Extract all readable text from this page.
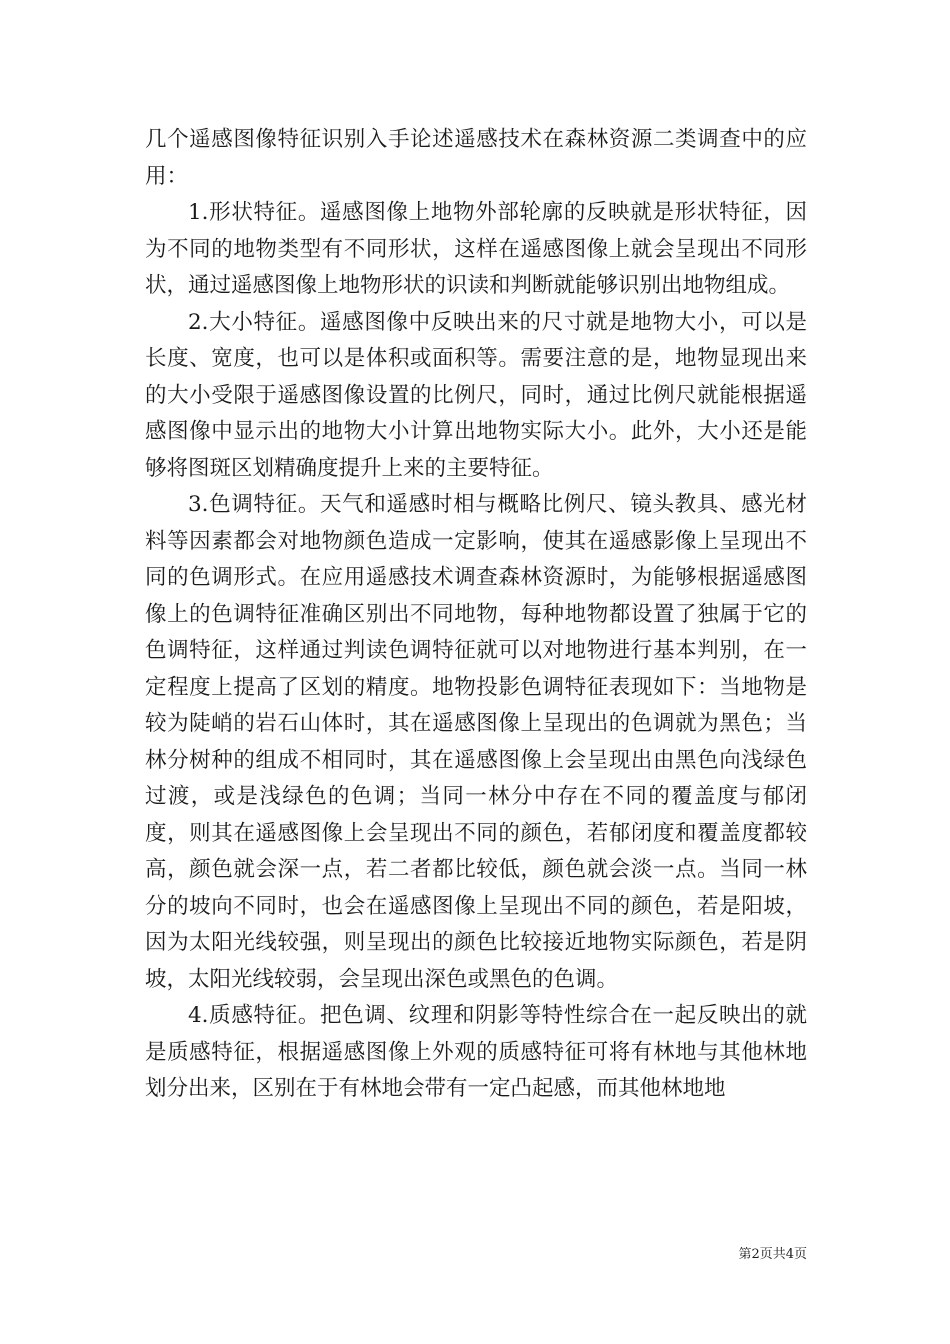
几个遥感图像特征识别入手论述遥感技术在森林资源二类调查中的应用：

1.形状特征。遥感图像上地物外部轮廓的反映就是形状特征，因为不同的地物类型有不同形状，这样在遥感图像上就会呈现出不同形状，通过遥感图像上地物形状的识读和判断就能够识别出地物组成。

2.大小特征。遥感图像中反映出来的尺寸就是地物大小，可以是长度、宽度，也可以是体积或面积等。需要注意的是，地物显现出来的大小受限于遥感图像设置的比例尺，同时，通过比例尺就能根据遥感图像中显示出的地物大小计算出地物实际大小。此外，大小还是能够将图斑区划精确度提升上来的主要特征。

3.色调特征。天气和遥感时相与概略比例尺、镜头教具、感光材料等因素都会对地物颜色造成一定影响，使其在遥感影像上呈现出不同的色调形式。在应用遥感技术调查森林资源时，为能够根据遥感图像上的色调特征准确区别出不同地物，每种地物都设置了独属于它的色调特征，这样通过判读色调特征就可以对地物进行基本判别，在一定程度上提高了区划的精度。地物投影色调特征表现如下：当地物是较为陡峭的岩石山体时，其在遥感图像上呈现出的色调就为黑色；当林分树种的组成不相同时，其在遥感图像上会呈现出由黑色向浅绿色过渡，或是浅绿色的色调；当同一林分中存在不同的覆盖度与郁闭度，则其在遥感图像上会呈现出不同的颜色，若郁闭度和覆盖度都较高，颜色就会深一点，若二者都比较低，颜色就会淡一点。当同一林分的坡向不同时，也会在遥感图像上呈现出不同的颜色，若是阳坡，因为太阳光线较强，则呈现出的颜色比较接近地物实际颜色，若是阴坡，太阳光线较弱，会呈现出深色或黑色的色调。

4.质感特征。把色调、纹理和阴影等特性综合在一起反映出的就是质感特征，根据遥感图像上外观的质感特征可将有林地与其他林地划分出来，区别在于有林地会带有一定凸起感，而其他林地地

第2页共4页
